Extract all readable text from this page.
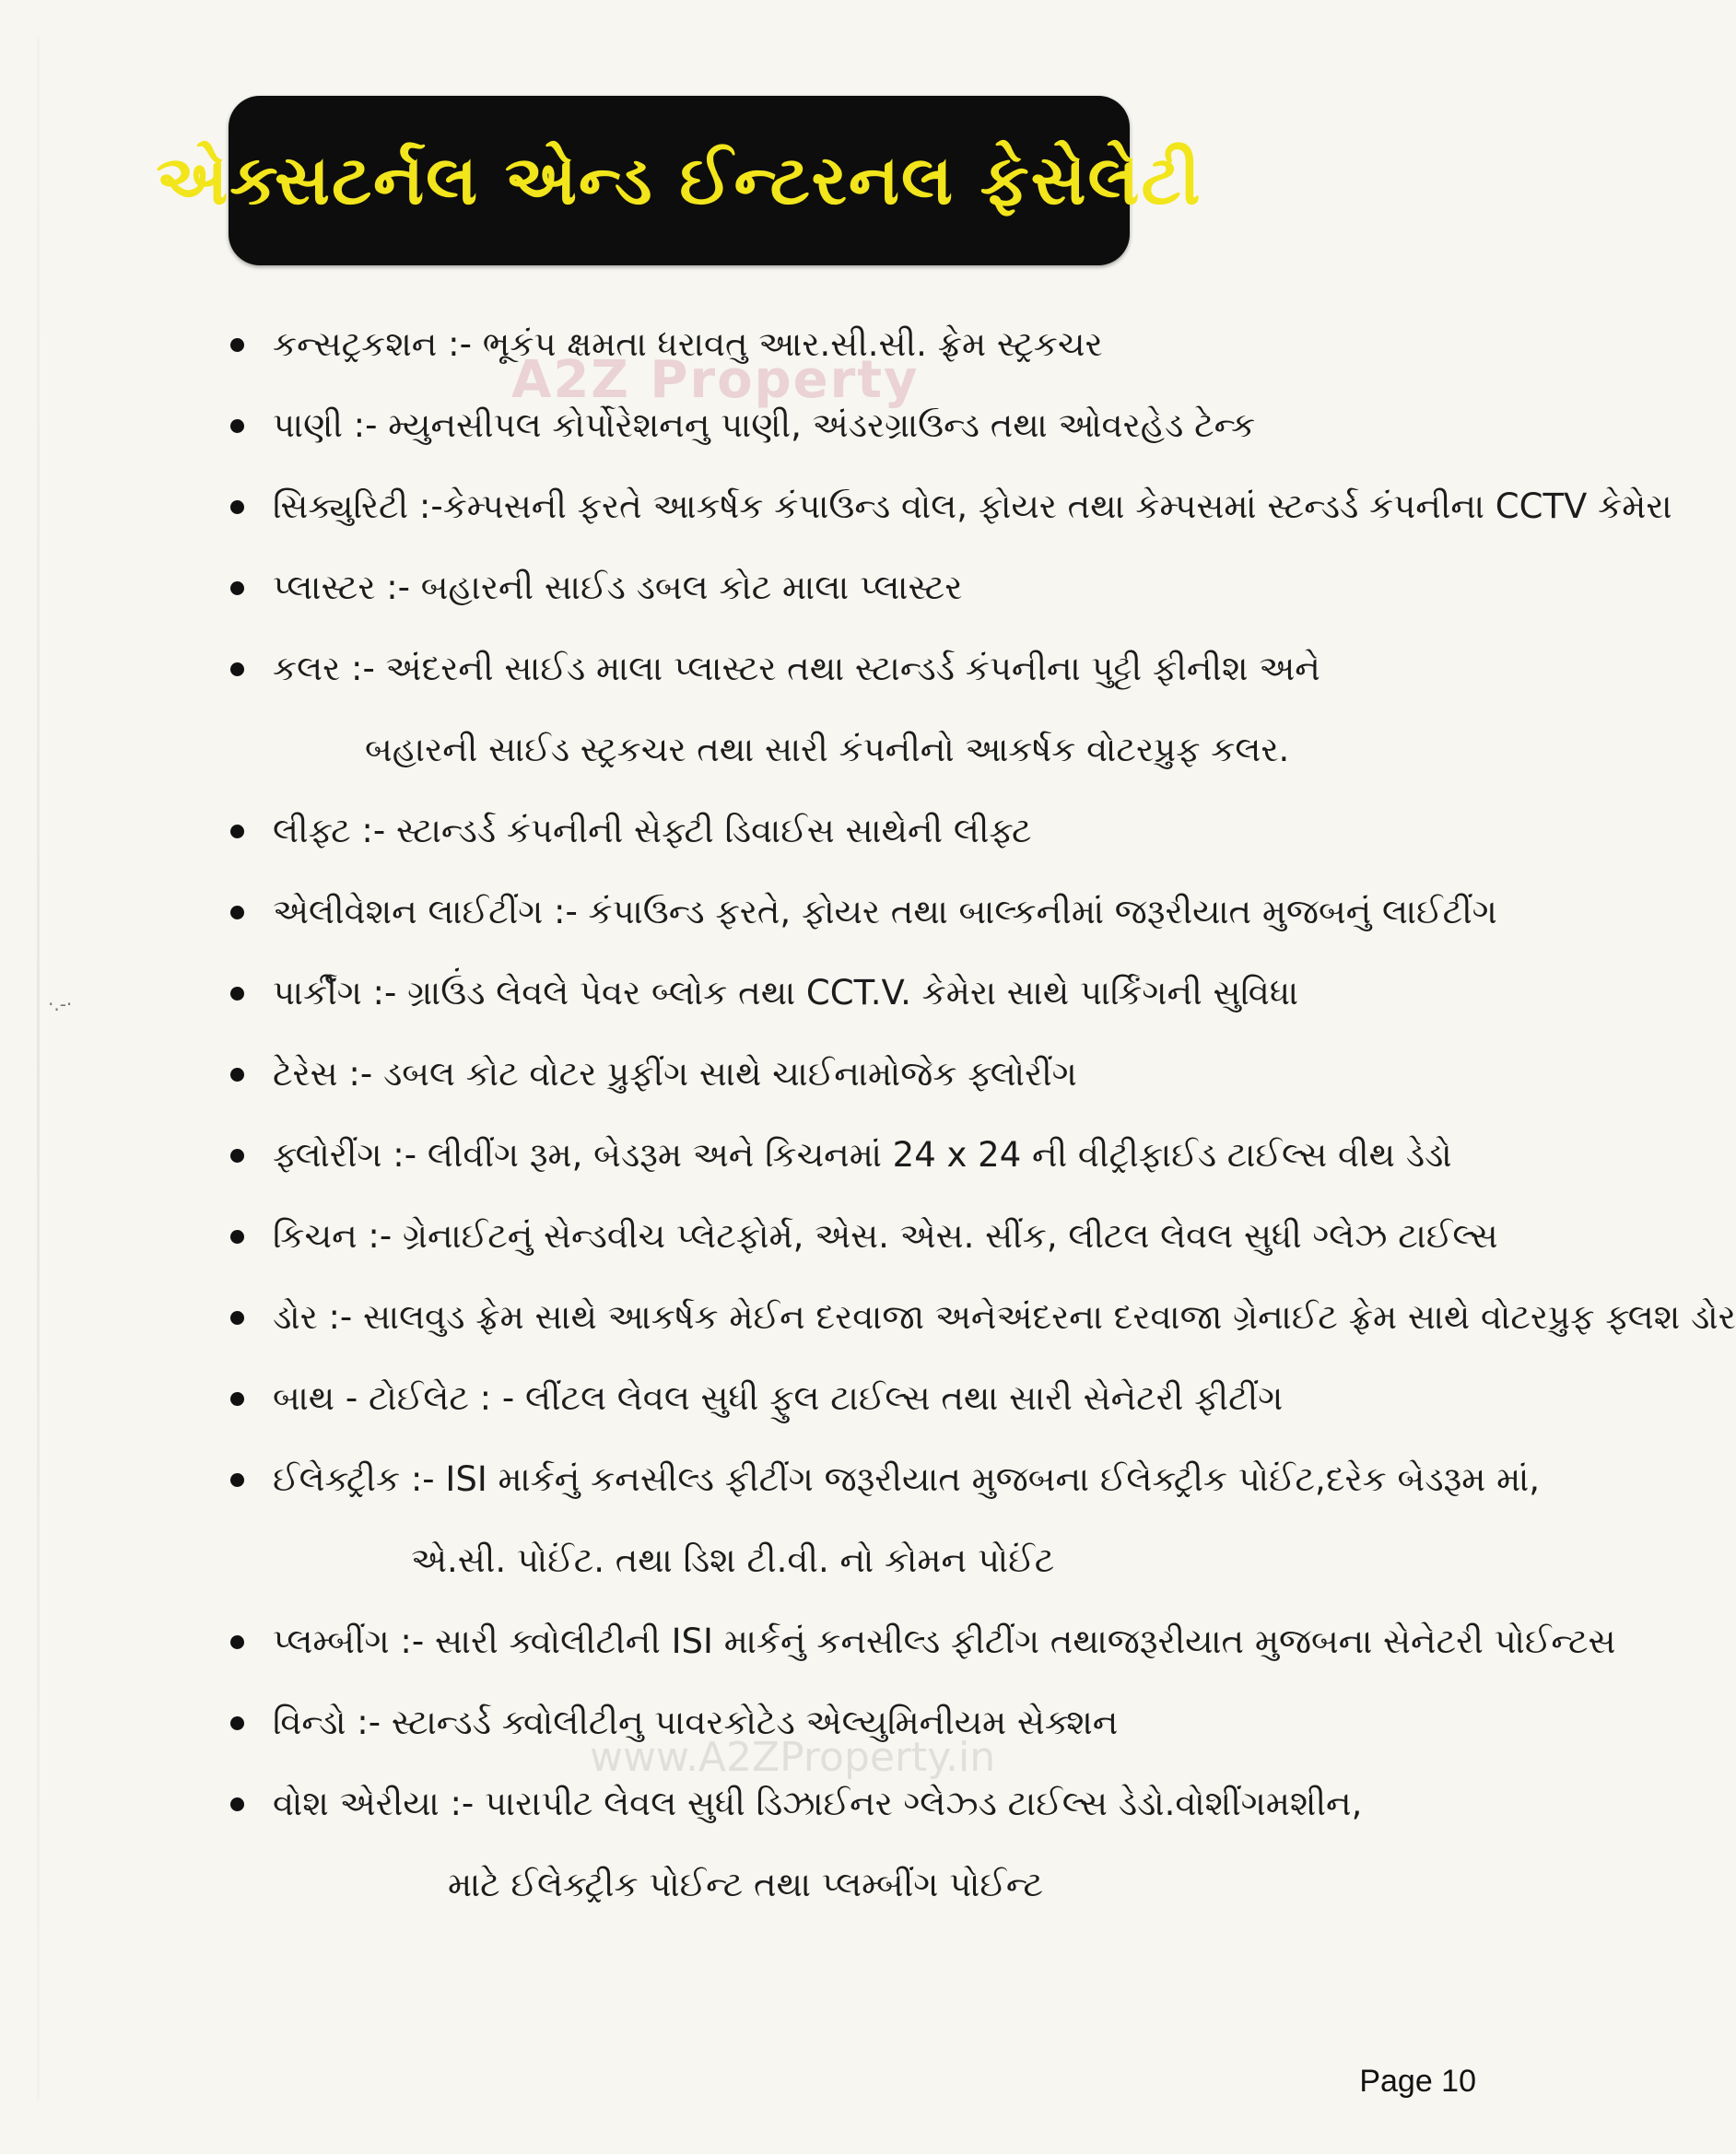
·.-·
એક્સટર્નલ એન્ડ ઈન્ટરનલ ફેસેલેટી
A2Z Property
કન્સટ્રકશન :- ભૂકંપ ક્ષમતા ધરાવતુ આર.સી.સી. ફ્રેમ સ્ટ્રકચર
પાણી :- મ્યુનસીપલ કોર્પોરેશનનુ પાણી, અંડરગ્રાઉન્ડ તથા ઓવરહેડ ટેન્ક
સિક્યુરિટી :-કેમ્પસની ફરતે આકર્ષક કંપાઉન્ડ વોલ, ફોયર તથા કેમ્પસમાં સ્ટન્ડર્ડ કંપનીના CCTV કેમેરા
પ્લાસ્ટર :- બહારની સાઈડ ડબલ કોટ માલા પ્લાસ્ટર
કલર :- અંદરની સાઈડ માલા પ્લાસ્ટર તથા સ્ટાન્ડર્ડ કંપનીના પુટ્ટી ફીનીશ અને
બહારની સાઈડ સ્ટ્રકચર તથા સારી કંપનીનો આકર્ષક વોટરપ્રુફ કલર.
લીફ્ટ :- સ્ટાન્ડર્ડ કંપનીની સેફ્ટી ડિવાઈસ સાથેની લીફ્ટ
એલીવેશન લાઈટીંગ :- કંપાઉન્ડ ફરતે, ફોયર તથા બાલ્કનીમાં જરૂરીયાત મુજબનું લાઈટીંગ
પાર્કીંગ :- ગ્રાઉંડ લેવલે પેવર બ્લોક તથા CCT.V. કેમેરા સાથે પાર્કિંગની સુવિધા
ટેરેસ :- ડબલ કોટ વોટર પ્રુફીંગ સાથે ચાઈનામોજેક ફ્લોરીંગ
ફ્લોરીંગ :- લીવીંગ રૂમ, બેડરૂમ અને કિચનમાં 24 x 24 ની વીટ્રીફાઈડ ટાઈલ્સ વીથ ડેડો
કિચન :- ગ્રેનાઈટનું સેન્ડવીચ પ્લેટફોર્મ, એસ. એસ. સીંક, લીટલ લેવલ સુધી ગ્લેઝ ટાઈલ્સ
ડોર :- સાલવુડ ફ્રેમ સાથે આકર્ષક મેઈન દરવાજા અનેઅંદરના દરવાજા ગ્રેનાઈટ ફ્રેમ સાથે વોટરપ્રુફ ફ્લશ ડોર
બાથ - ટોઈલેટ : - લીંટલ લેવલ સુધી ફુલ ટાઈલ્સ તથા સારી સેનેટરી ફીટીંગ
ઈલેક્ટ્રીક :- ISI માર્કનું કનસીલ્ડ ફીટીંગ જરૂરીયાત મુજબના ઈલેક્ટ્રીક પોઈંટ,દરેક બેડરૂમ માં,
એ.સી. પોઈંટ. તથા ડિશ ટી.વી. નો કોમન પોઈંટ
પ્લમ્બીંગ :- સારી ક્વોલીટીની ISI માર્કનું કનસીલ્ડ ફીટીંગ તથાજરૂરીયાત મુજબના સેનેટરી પોઈન્ટસ
વિન્ડો :- સ્ટાન્ડર્ડ ક્વોલીટીનુ પાવરકોટેડ એલ્યુમિનીયમ સેક્શન
વોશ એરીયા :- પારાપીટ લેવલ સુધી ડિઝાઈનર ગ્લેઝ્ડ ટાઈલ્સ ડેડો.વોશીંગમશીન,
માટે ઈલેક્ટ્રીક પોઈન્ટ તથા પ્લમ્બીંગ પોઈન્ટ
www.A2ZProperty.in
Page 10
